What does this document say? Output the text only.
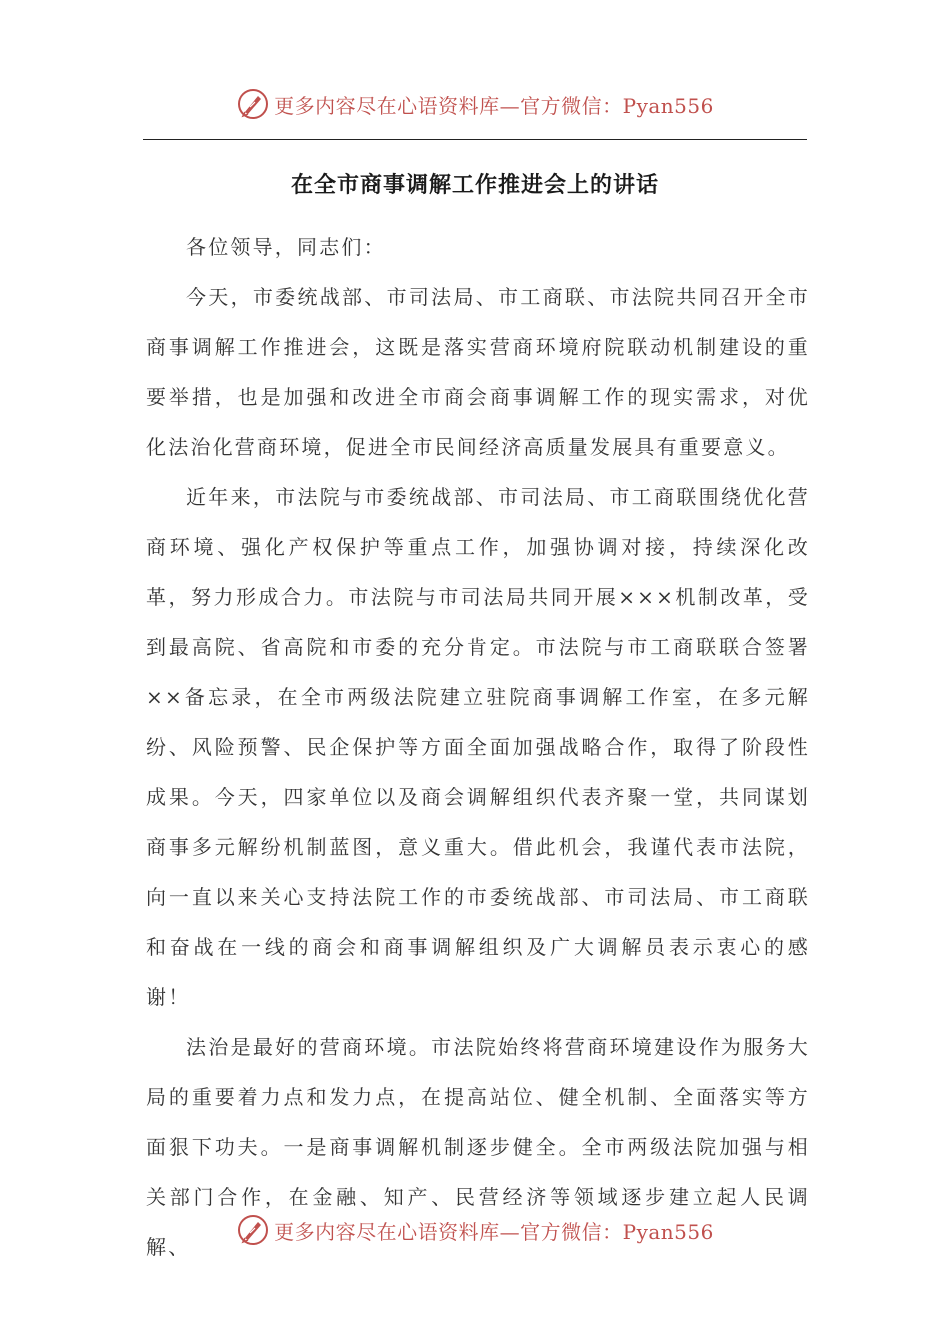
更多内容尽在心语资料库—官方微信：Pyan556
在全市商事调解工作推进会上的讲话

各位领导，同志们：

今天，市委统战部、市司法局、市工商联、市法院共同召开全市商事调解工作推进会，这既是落实营商环境府院联动机制建设的重要举措，也是加强和改进全市商会商事调解工作的现实需求，对优化法治化营商环境，促进全市民间经济高质量发展具有重要意义。

近年来，市法院与市委统战部、市司法局、市工商联围绕优化营商环境、强化产权保护等重点工作，加强协调对接，持续深化改革，努力形成合力。市法院与市司法局共同开展×××机制改革，受到最高院、省高院和市委的充分肯定。市法院与市工商联联合签署××备忘录，在全市两级法院建立驻院商事调解工作室，在多元解纷、风险预警、民企保护等方面全面加强战略合作，取得了阶段性成果。今天，四家单位以及商会调解组织代表齐聚一堂，共同谋划商事多元解纷机制蓝图，意义重大。借此机会，我谨代表市法院，向一直以来关心支持法院工作的市委统战部、市司法局、市工商联和奋战在一线的商会和商事调解组织及广大调解员表示衷心的感谢！

法治是最好的营商环境。市法院始终将营商环境建设作为服务大局的重要着力点和发力点，在提高站位、健全机制、全面落实等方面狠下功夫。一是商事调解机制逐步健全。全市两级法院加强与相关部门合作，在金融、知产、民营经济等领域逐步建立起人民调解、

更多内容尽在心语资料库—官方微信：Pyan556
